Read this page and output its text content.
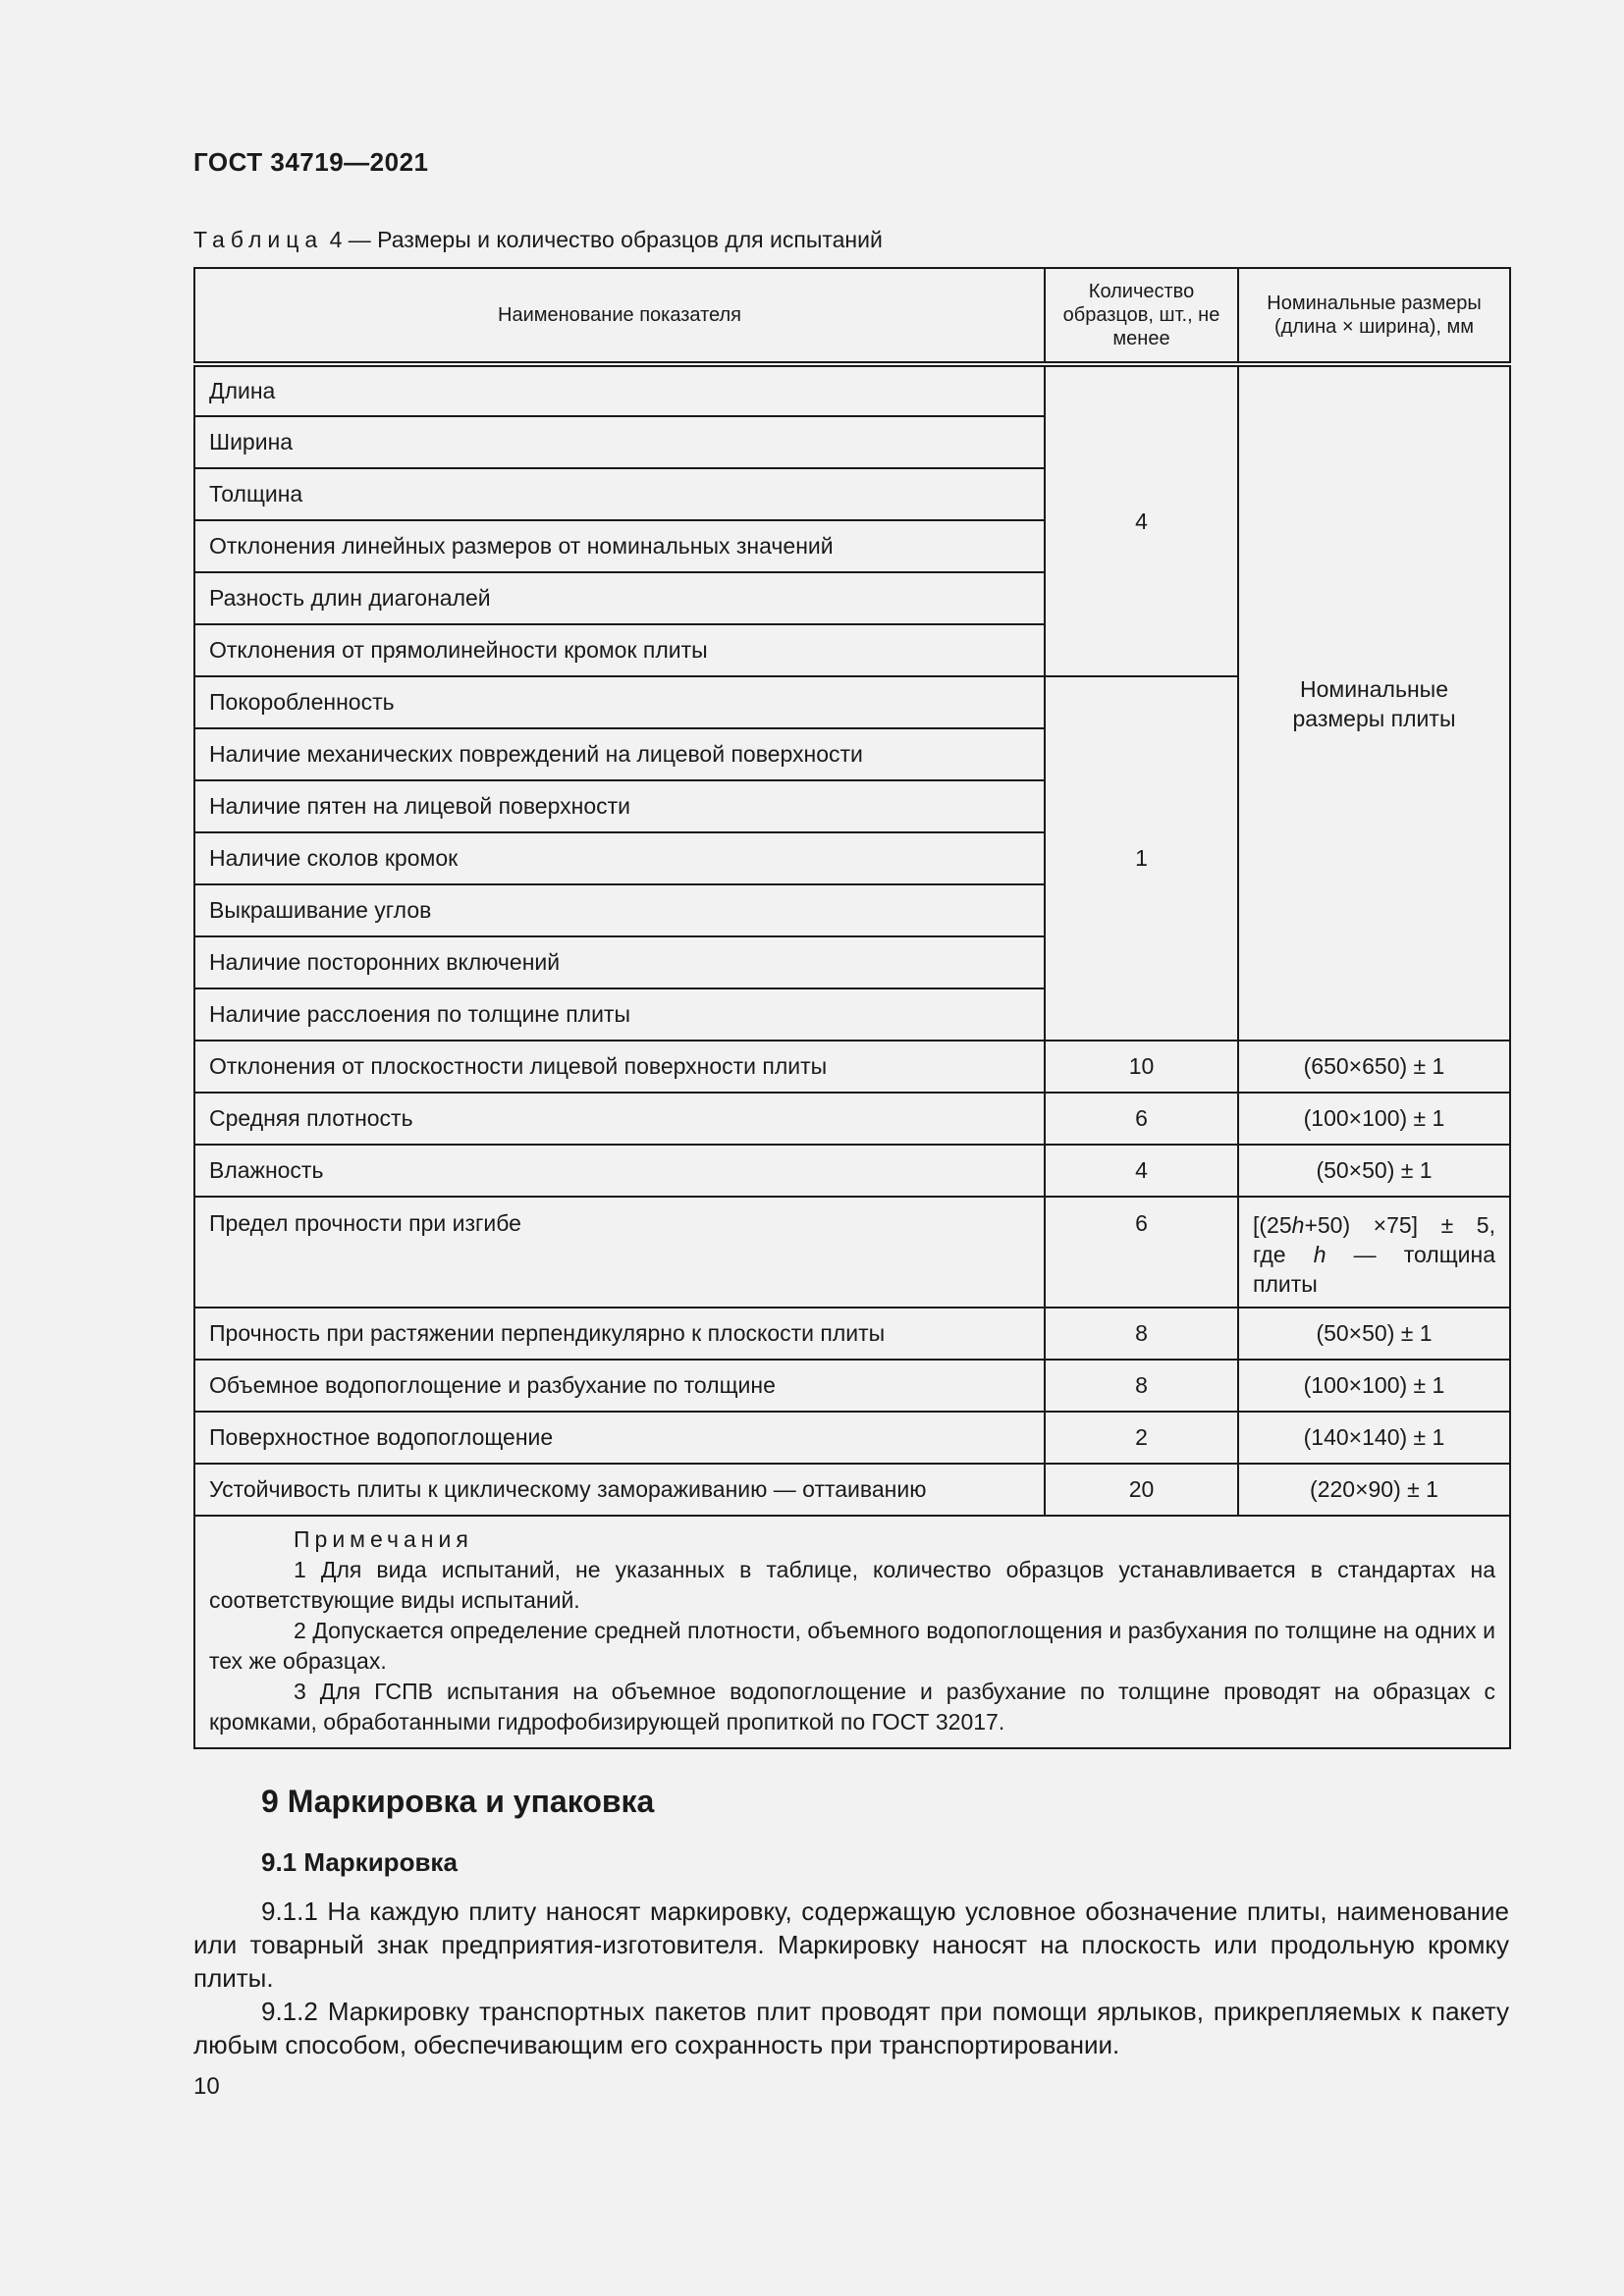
ГОСТ 34719—2021
Таблица 4 — Размеры и количество образцов для испытаний
Наименование показателя	Количество образцов, шт., не менее	Номинальные размеры (длина × ширина), мм
Длина	4	Номинальные размеры плиты
Ширина		
Толщина		
Отклонения линейных размеров от номинальных значений		
Разность длин диагоналей		
Отклонения от прямолинейности кромок плиты		
Покоробленность	1	
Наличие механических повреждений на лицевой поверхности		
Наличие пятен на лицевой поверхности		
Наличие сколов кромок		
Выкрашивание углов		
Наличие посторонних включений		
Наличие расслоения по толщине плиты		
Отклонения от плоскостности лицевой поверхности плиты	10	(650×650) ± 1
Средняя плотность	6	(100×100) ± 1
Влажность	4	(50×50) ± 1
Предел прочности при изгибе	6	[(25h+50) ×75] ± 5,
где h — толщина
плиты

Прочность при растяжении перпендикулярно к плоскости плиты	8	(50×50) ± 1
Объемное водопоглощение и разбухание по толщине	8	(100×100) ± 1
Поверхностное водопоглощение	2	(140×140) ± 1
Устойчивость плиты к циклическому замораживанию — оттаиванию	20	(220×90) ± 1

Примечания
1 Для вида испытаний, не указанных в таблице, количество образцов устанавливается в стандартах на соответствующие виды испытаний.
2 Допускается определение средней плотности, объемного водопоглощения и разбухания по толщине на одних и тех же образцах.
3 Для ГСПВ испытания на объемное водопоглощение и разбухание по толщине проводят на образцах с кромками, обработанными гидрофобизирующей пропиткой по ГОСТ 32017.		
9 Маркировка и упаковка
9.1 Маркировка

9.1.1 На каждую плиту наносят маркировку, содержащую условное обозначение плиты, наименование или товарный знак предприятия-изготовителя. Маркировку наносят на плоскость или продольную кромку плиты.

9.1.2 Маркировку транспортных пакетов плит проводят при помощи ярлыков, прикрепляемых к пакету любым способом, обеспечивающим его сохранность при транспортировании.

10
